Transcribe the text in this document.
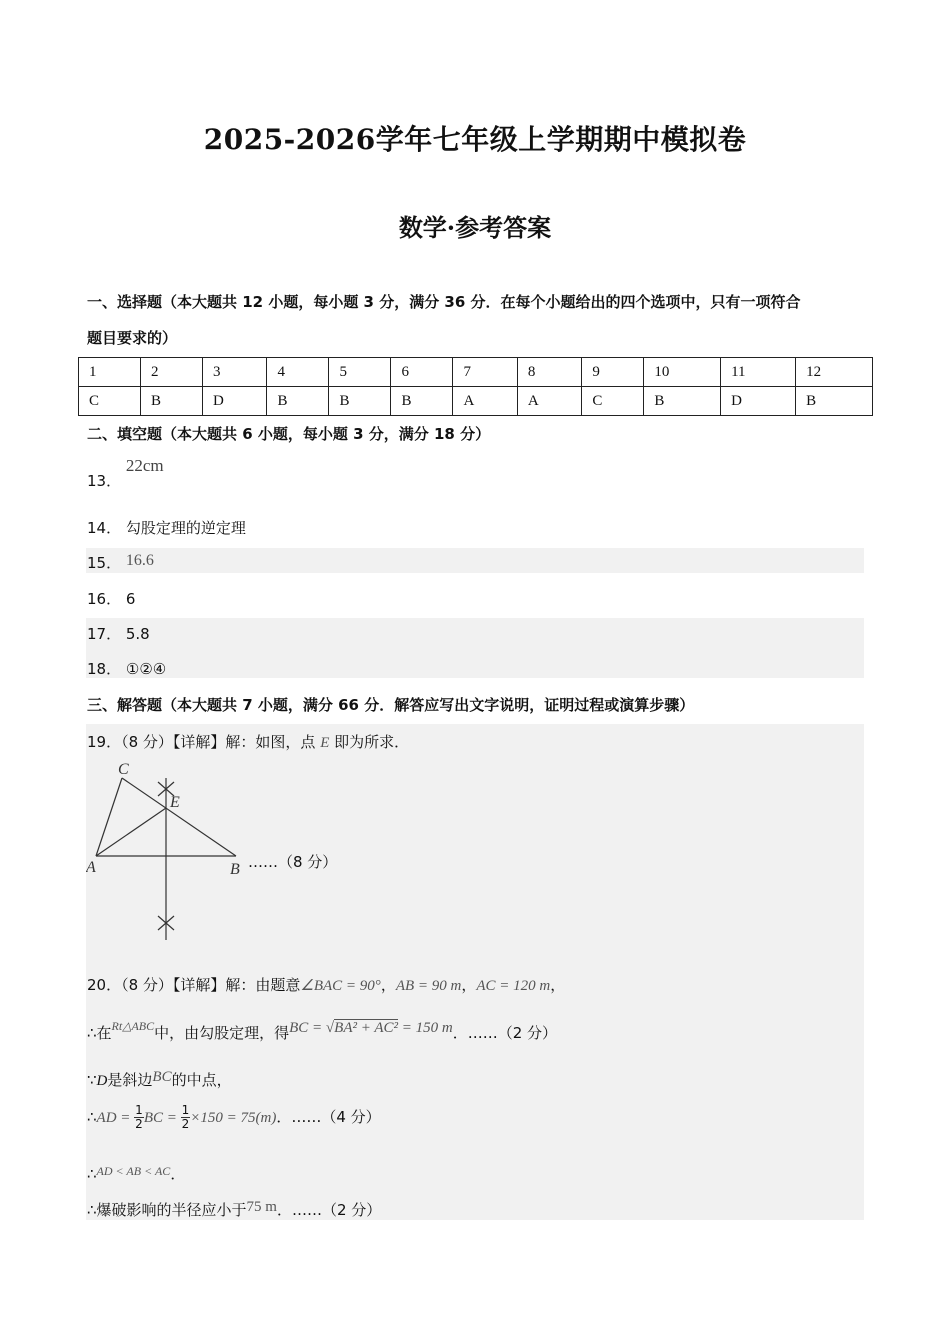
2025-2026学年七年级上学期期中模拟卷
数学·参考答案
一、选择题（本大题共 12 小题，每小题 3 分，满分 36 分．在每个小题给出的四个选项中，只有一项符合
题目要求的）
1	2	3	4	5	6	7	8	9	10	11	12
C	B	D	B	B	B	A	A	C	B	D	B
二、填空题（本大题共 6 小题，每小题 3 分，满分 18 分）
13． 22cm
14． 勾股定理的逆定理
15． 16.6
16． 6
17． 5.8
18． ①②④
三、解答题（本大题共 7 小题，满分 66 分．解答应写出文字说明，证明过程或演算步骤）
19．（8 分）【详解】解：如图，点 E 即为所求．
C
E
A	B ……（8 分）
20．（8 分）【详解】解：由题意∠BAC = 90°，AB = 90 m，AC = 120 m，
∴在$^{Rt\triangle ABC}$中，由勾股定理，得BC = √BA² + AC² = 150 m．……（2 分）
∵D是斜边BC的中点，
∴AD = $\frac{1}{2}$ BC = $\frac{1}{2} \times 150 = 75(m)$．……（4 分）
∴$^{AD < AB < AC}$．
∴爆破影响的半径应小于75 m．……（2 分）
